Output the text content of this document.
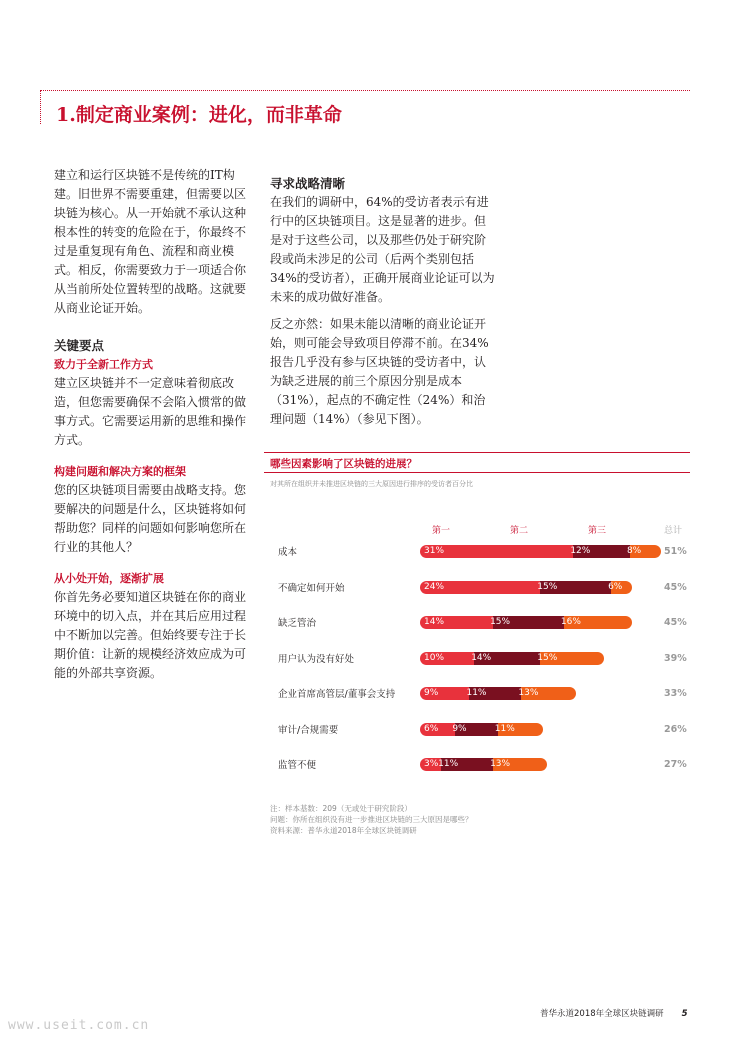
1.制定商业案例：进化，而非革命

建立和运行区块链不是传统的IT构建。旧世界不需要重建，但需要以区块链为核心。从一开始就不承认这种根本性的转变的危险在于，你最终不过是重复现有角色、流程和商业模式。相反，你需要致力于一项适合你从当前所处位置转型的战略。这就要从商业论证开始。

关键要点

致力于全新工作方式

建立区块链并不一定意味着彻底改造，但您需要确保不会陷入惯常的做事方式。它需要运用新的思维和操作方式。

构建问题和解决方案的框架

您的区块链项目需要由战略支持。您要解决的问题是什么，区块链将如何帮助您？同样的问题如何影响您所在行业的其他人？

从小处开始，逐渐扩展

你首先务必要知道区块链在你的商业环境中的切入点，并在其后应用过程中不断加以完善。但始终要专注于长期价值：让新的规模经济效应成为可能的外部共享资源。

寻求战略清晰

在我们的调研中，64%的受访者表示有进行中的区块链项目。这是显著的进步。但是对于这些公司，以及那些仍处于研究阶段或尚未涉足的公司（后两个类别包括34%的受访者），正确开展商业论证可以为未来的成功做好准备。

反之亦然：如果未能以清晰的商业论证开始，则可能会导致项目停滞不前。在34%报告几乎没有参与区块链的受访者中，认为缺乏进展的前三个原因分别是成本（31%），起点的不确定性（24%）和治理问题（14%）（参见下图）。

哪些因素影响了区块链的进展？
对其所在组织并未推进区块链的三大原因进行排序的受访者百分比
第一	第二	第三	总计
成本	31%	12%	8% 51%
不确定如何开始	24%	15%	6%	45%
缺乏管治	14%	15%	16%	45%
用户认为没有好处	10%	14%	15%	39%
企业首席高管层/董事会支持	9%	11%	13%	33%
审计/合规需要	6% 9%	11%	26%
监管不便	3% 11%	13%	27%
注：样本基数：209（无或处于研究阶段）
问题：你所在组织没有进一步推进区块链的三大原因是哪些？
资料来源：普华永道2018年全球区块链调研
普华永道2018年全球区块链调研 5
www.useit.com.cn
